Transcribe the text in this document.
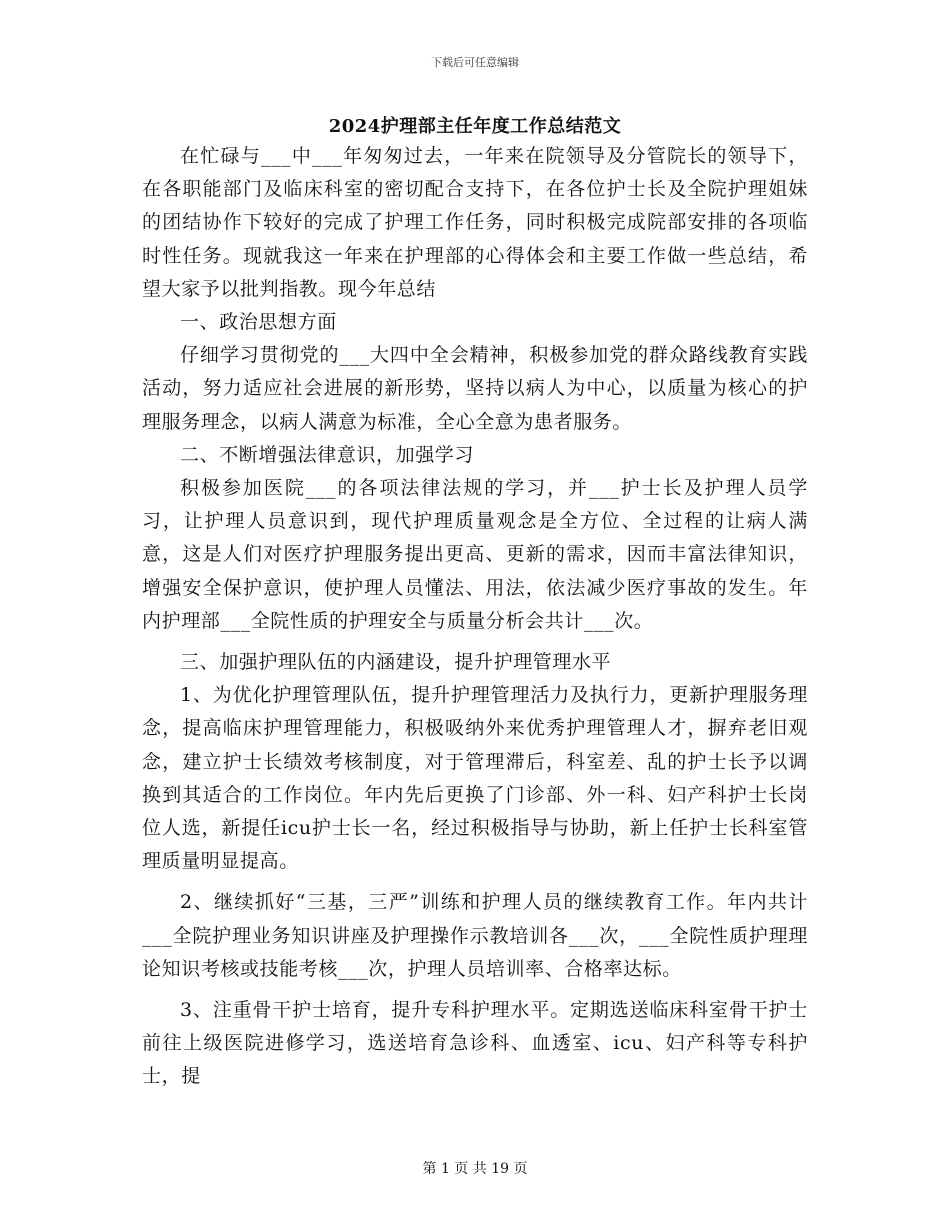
下载后可任意编辑
2024护理部主任年度工作总结范文

在忙碌与___中___年匆匆过去，一年来在院领导及分管院长的领导下，在各职能部门及临床科室的密切配合支持下，在各位护士长及全院护理姐妹的团结协作下较好的完成了护理工作任务，同时积极完成院部安排的各项临时性任务。现就我这一年来在护理部的心得体会和主要工作做一些总结，希望大家予以批判指教。现今年总结

一、政治思想方面

仔细学习贯彻党的___大四中全会精神，积极参加党的群众路线教育实践活动，努力适应社会进展的新形势，坚持以病人为中心，以质量为核心的护理服务理念，以病人满意为标准，全心全意为患者服务。

二、不断增强法律意识，加强学习

积极参加医院___的各项法律法规的学习，并___护士长及护理人员学习，让护理人员意识到，现代护理质量观念是全方位、全过程的让病人满意，这是人们对医疗护理服务提出更高、更新的需求，因而丰富法律知识，增强安全保护意识，使护理人员懂法、用法，依法减少医疗事故的发生。年内护理部___全院性质的护理安全与质量分析会共计___次。

三、加强护理队伍的内涵建设，提升护理管理水平

1、为优化护理管理队伍，提升护理管理活力及执行力，更新护理服务理念，提高临床护理管理能力，积极吸纳外来优秀护理管理人才，摒弃老旧观念，建立护士长绩效考核制度，对于管理滞后，科室差、乱的护士长予以调换到其适合的工作岗位。年内先后更换了门诊部、外一科、妇产科护士长岗位人选，新提任icu护士长一名，经过积极指导与协助，新上任护士长科室管理质量明显提高。

2、继续抓好“三基，三严”训练和护理人员的继续教育工作。年内共计___全院护理业务知识讲座及护理操作示教培训各___次，___全院性质护理理论知识考核或技能考核___次，护理人员培训率、合格率达标。

3、注重骨干护士培育，提升专科护理水平。定期选送临床科室骨干护士前往上级医院进修学习，选送培育急诊科、血透室、icu、妇产科等专科护士，提

第 1 页 共 19 页
